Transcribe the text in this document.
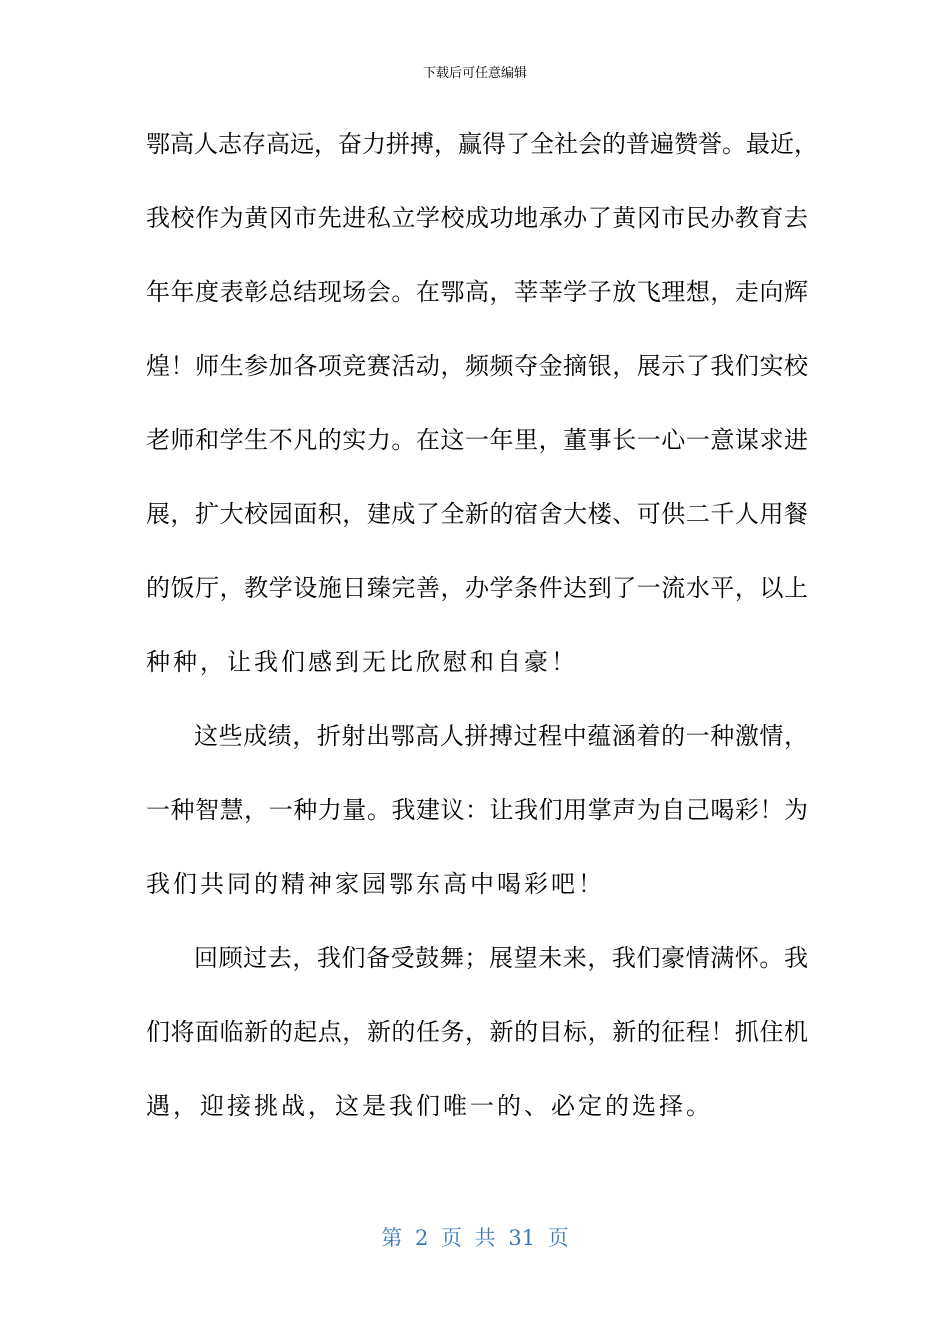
下载后可任意编辑
鄂高人志存高远，奋力拼搏，赢得了全社会的普遍赞誉。最近，
我校作为黄冈市先进私立学校成功地承办了黄冈市民办教育去
年年度表彰总结现场会。在鄂高，莘莘学子放飞理想，走向辉
煌！师生参加各项竞赛活动，频频夺金摘银，展示了我们实校
老师和学生不凡的实力。在这一年里，董事长一心一意谋求进
展，扩大校园面积，建成了全新的宿舍大楼、可供二千人用餐
的饭厅，教学设施日臻完善，办学条件达到了一流水平，以上
种种，让我们感到无比欣慰和自豪！
这些成绩，折射出鄂高人拼搏过程中蕴涵着的一种激情，
一种智慧，一种力量。我建议：让我们用掌声为自己喝彩！为
我们共同的精神家园鄂东高中喝彩吧！
回顾过去，我们备受鼓舞；展望未来，我们豪情满怀。我
们将面临新的起点，新的任务，新的目标，新的征程！抓住机
遇，迎接挑战，这是我们唯一的、必定的选择。
第 2 页 共 31 页
